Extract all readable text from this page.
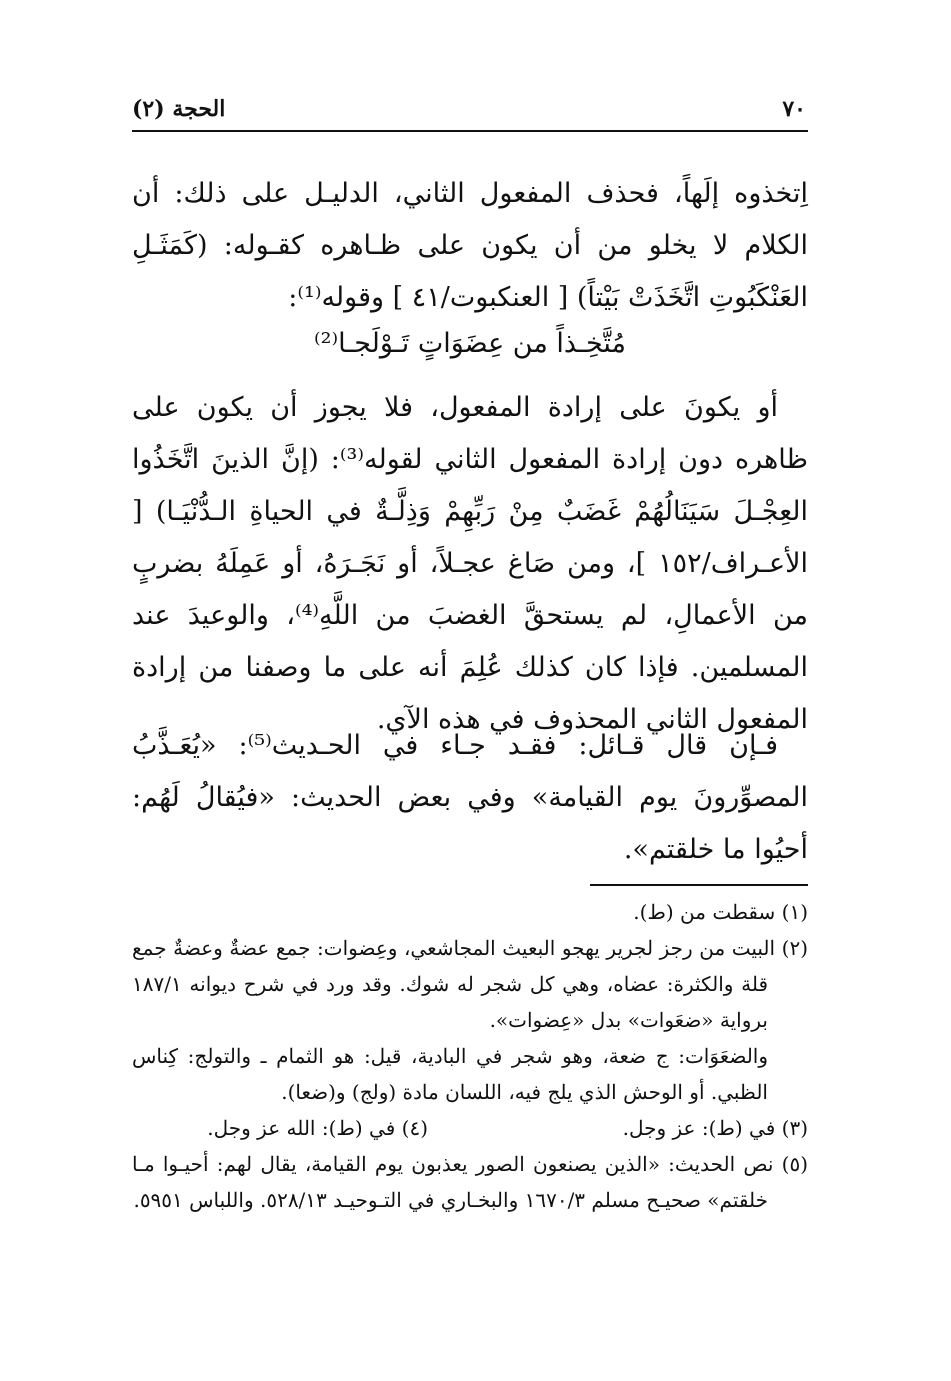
٧٠
الحجة (٢)

اِتخذوه إلَهاً، فحذف المفعول الثاني، الدليـل على ذلك: أن الكلام لا يخلو من أن يكون على ظـاهره كقـوله: (كَمَثَـلِ العَنْكَبُوتِ اتَّخَذَتْ بَيْتاً) [ العنكبوت/٤١ ] وقوله⁽¹⁾:

مُتَّخِـذاً من عِضَوَاتٍ تَـوْلَجـا⁽²⁾

أو يكونَ على إرادة المفعول، فلا يجوز أن يكون على ظاهره دون إرادة المفعول الثاني لقوله⁽³⁾: (إنَّ الذينَ اتَّخَذُوا العِجْـلَ سَيَنَالُهُمْ غَضَبٌ مِنْ رَبِّهِمْ وَذِلَّـةٌ في الحياةِ الـدُّنْيَـا) [ الأعـراف/١٥٢ ]، ومن صَاغ عجـلاً، أو نَجَـرَهُ، أو عَمِلَهُ بضربٍ من الأعمالِ، لم يستحقَّ الغضبَ من اللَّهِ⁽⁴⁾، والوعيدَ عند المسلمين. فإذا كان كذلك عُلِمَ أنه على ما وصفنا من إرادة المفعول الثاني المحذوف في هذه الآي.

فـإن قال قـائل: فقـد جـاء في الحـديث⁽⁵⁾: «يُعَـذَّبُ المصوِّرونَ يوم القيامة» وفي بعض الحديث: «فيُقالُ لَهُم: أحيُوا ما خلقتم».

(١) سقطت من (ط).

(٢) البيت من رجز لجرير يهجو البعيث المجاشعي، وعِضوات: جمع عضةٌ وعضةٌ جمع قلة والكثرة: عضاه، وهي كل شجر له شوك. وقد ورد في شرح ديوانه ١٨٧/١ برواية «ضعَوات» بدل «عِضوات».

والضعَوَات: ج ضعة، وهو شجر في البادية، قيل: هو الثمام ـ والتولج: كِناس الظبي. أو الوحش الذي يلج فيه، اللسان مادة (ولج) و(ضعا).

(٣) في (ط): عز وجل.
(٤) في (ط): الله عز وجل.

(٥) نص الحديث: «الذين يصنعون الصور يعذبون يوم القيامة، يقال لهم: أحيـوا مـا خلقتم» صحيـح مسلم ١٦٧٠/٣ والبخـاري في التـوحيـد ٥٢٨/١٣. واللباس ٥٩٥١.
